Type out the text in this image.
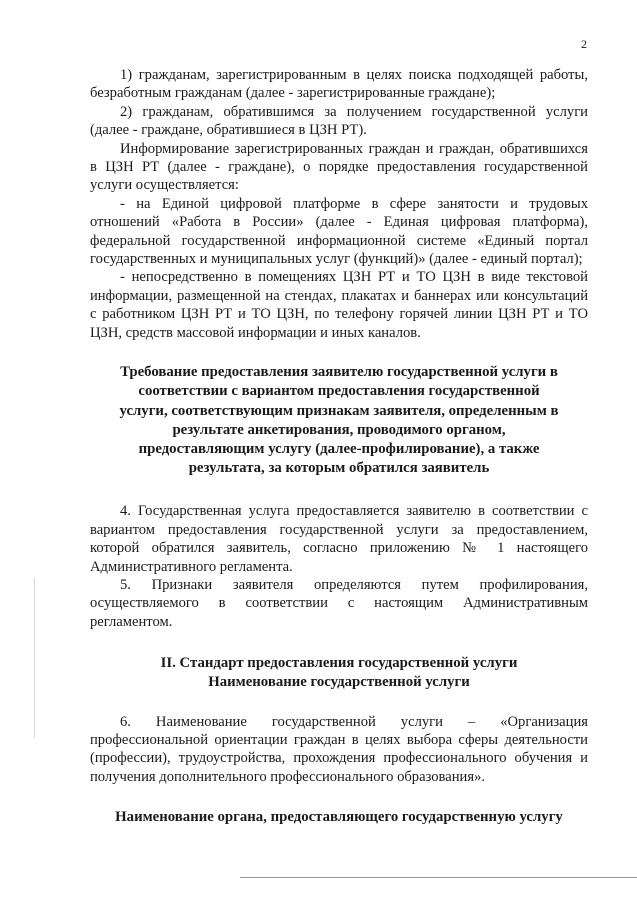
2

1) гражданам, зарегистрированным в целях поиска подходящей работы, безработным гражданам (далее - зарегистрированные граждане);

2) гражданам, обратившимся за получением государственной услуги (далее - граждане, обратившиеся в ЦЗН РТ).

Информирование зарегистрированных граждан и граждан, обратившихся в ЦЗН РТ (далее - граждане), о порядке предоставления государственной услуги осуществляется:

- на Единой цифровой платформе в сфере занятости и трудовых отношений «Работа в России» (далее - Единая цифровая платформа), федеральной государственной информационной системе «Единый портал государственных и муниципальных услуг (функций)» (далее - единый портал);

- непосредственно в помещениях ЦЗН РТ и ТО ЦЗН в виде текстовой информации, размещенной на стендах, плакатах и баннерах или консультаций с работником ЦЗН РТ и ТО ЦЗН, по телефону горячей линии ЦЗН РТ и ТО ЦЗН, средств массовой информации и иных каналов.

Требование предоставления заявителю государственной услуги в соответствии с вариантом предоставления государственной услуги, соответствующим признакам заявителя, определенным в результате анкетирования, проводимого органом, предоставляющим услугу (далее-профилирование), а также результата, за которым обратился заявитель

4. Государственная услуга предоставляется заявителю в соответствии с вариантом предоставления государственной услуги за предоставлением, которой обратился заявитель, согласно приложению № 1 настоящего Административного регламента.

5. Признаки заявителя определяются путем профилирования, осуществляемого в соответствии с настоящим Административным регламентом.

II. Стандарт предоставления государственной услуги

Наименование государственной услуги

6. Наименование государственной услуги – «Организация профессиональной ориентации граждан в целях выбора сферы деятельности (профессии), трудоустройства, прохождения профессионального обучения и получения дополнительного профессионального образования».

Наименование органа, предоставляющего государственную услугу
